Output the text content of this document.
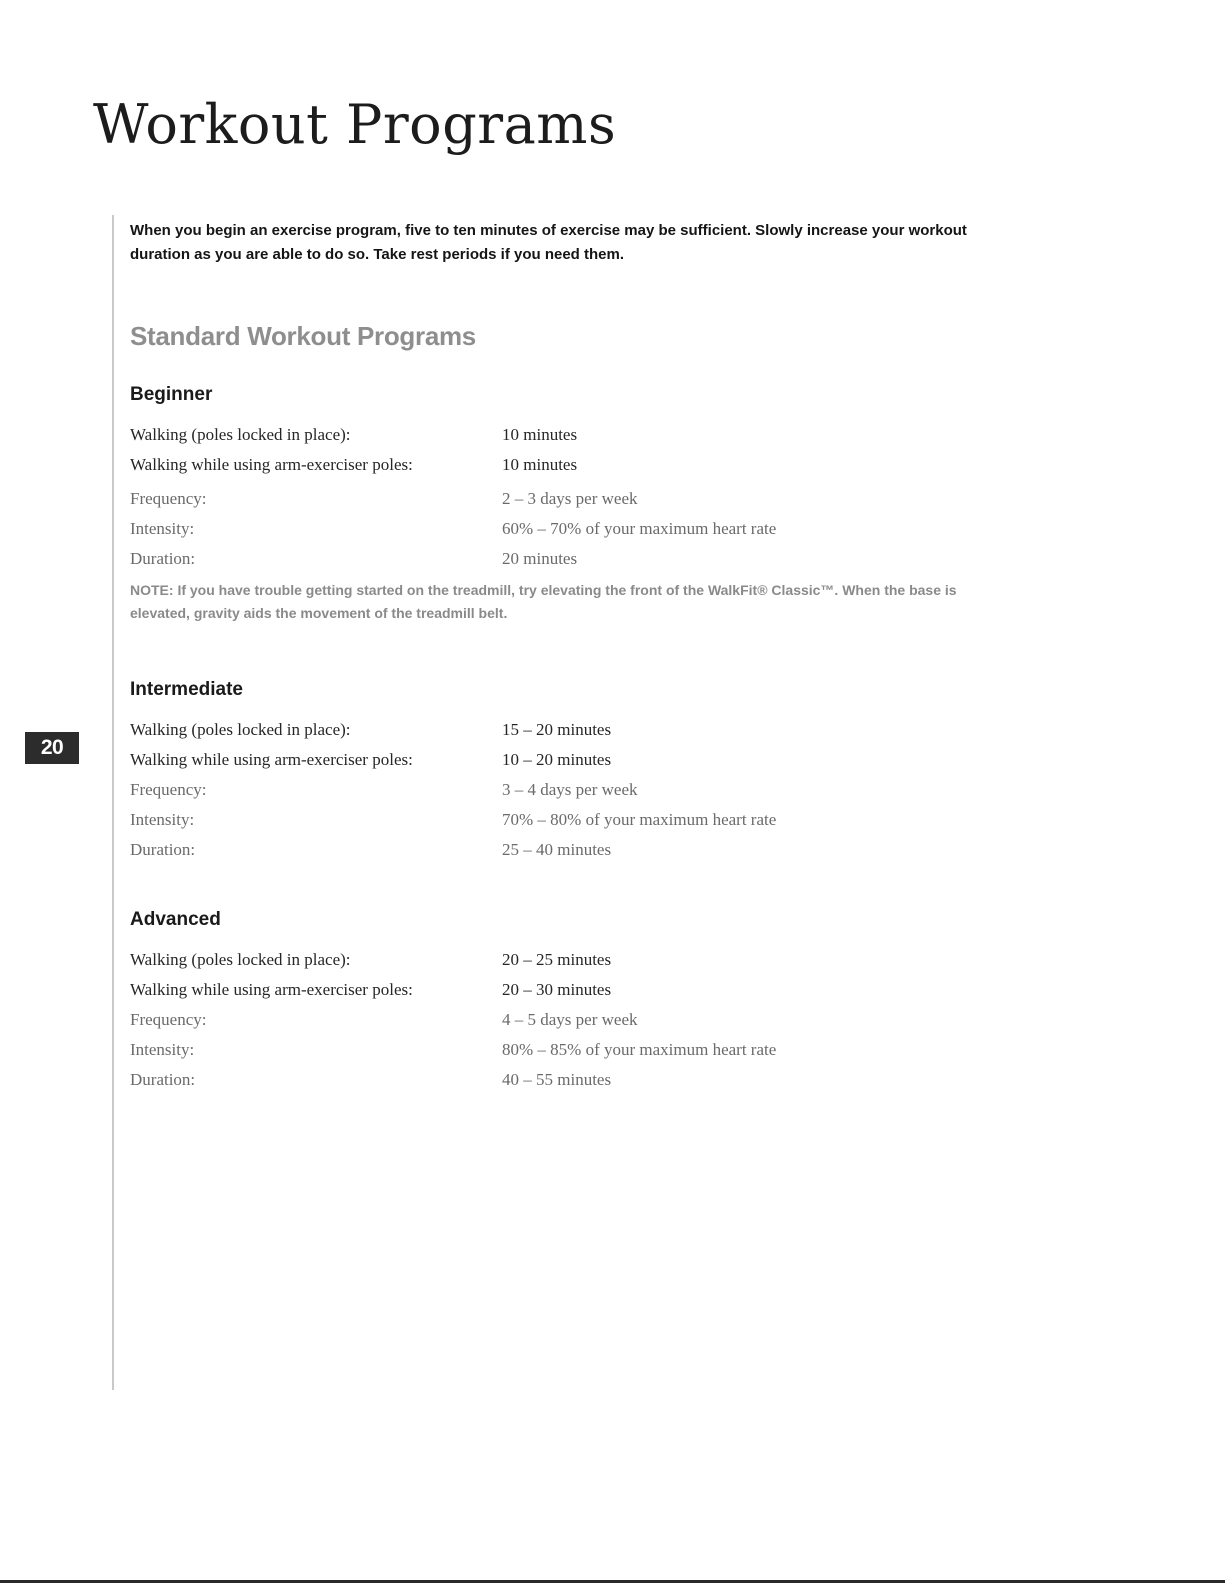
Workout Programs
20

When you begin an exercise program, five to ten minutes of exercise may be sufficient. Slowly increase your workout duration as you are able to do so. Take rest periods if you need them.

Standard Workout Programs
Beginner
Walking (poles locked in place):	10 minutes
Walking while using arm-exerciser poles:	10 minutes
Frequency:	2 – 3 days per week
Intensity:	60% – 70% of your maximum heart rate
Duration:	20 minutes

NOTE: If you have trouble getting started on the treadmill, try elevating the front of the WalkFit® Classic™. When the base is elevated, gravity aids the movement of the treadmill belt.

Intermediate
Walking (poles locked in place):	15 – 20 minutes
Walking while using arm-exerciser poles:	10 – 20 minutes
Frequency:	3 – 4 days per week
Intensity:	70% – 80% of your maximum heart rate
Duration:	25 – 40 minutes
Advanced
Walking (poles locked in place):	20 – 25 minutes
Walking while using arm-exerciser poles:	20 – 30 minutes
Frequency:	4 – 5 days per week
Intensity:	80% – 85% of your maximum heart rate
Duration:	40 – 55 minutes
